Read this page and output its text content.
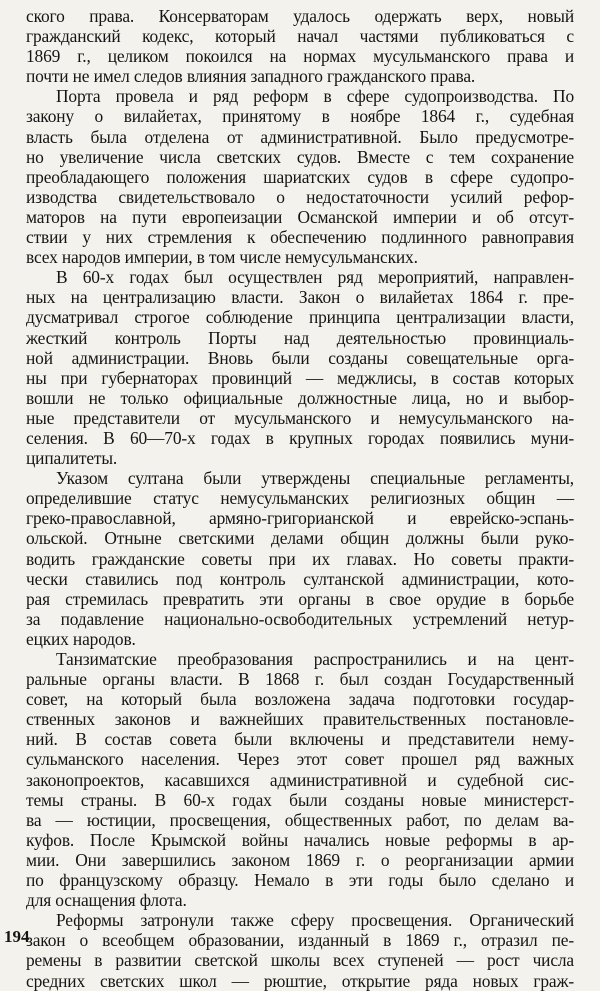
ского права. Консерваторам удалось одержать верх, новый
гражданский кодекс, который начал частями публиковаться с
1869 г., целиком покоился на нормах мусульманского права и
почти не имел следов влияния западного гражданского права.
Порта провела и ряд реформ в сфере судопроизводства. По
закону о вилайетах, принятому в ноябре 1864 г., судебная
власть была отделена от административной. Было предусмотре-
но увеличение числа светских судов. Вместе с тем сохранение
преобладающего положения шариатских судов в сфере судопро-
изводства свидетельствовало о недостаточности усилий рефор-
маторов на пути европеизации Османской империи и об отсут-
ствии у них стремления к обеспечению подлинного равноправия
всех народов империи, в том числе немусульманских.
В 60-х годах был осуществлен ряд мероприятий, направлен-
ных на централизацию власти. Закон о вилайетах 1864 г. пре-
дусматривал строгое соблюдение принципа централизации власти,
жесткий контроль Порты над деятельностью провинциаль-
ной администрации. Вновь были созданы совещательные орга-
ны при губернаторах провинций — меджлисы, в состав которых
вошли не только официальные должностные лица, но и выбор-
ные представители от мусульманского и немусульманского на-
селения. В 60—70-х годах в крупных городах появились муни-
ципалитеты.
Указом султана были утверждены специальные регламенты,
определившие статус немусульманских религиозных общин —
греко-православной, армяно-григорианской и еврейско-эспань-
ольской. Отныне светскими делами общин должны были руко-
водить гражданские советы при их главах. Но советы практи-
чески ставились под контроль султанской администрации, кото-
рая стремилась превратить эти органы в свое орудие в борьбе
за подавление национально-освободительных устремлений нетур-
ецких народов.
Танзиматские преобразования распространились и на цент-
ральные органы власти. В 1868 г. был создан Государственный
совет, на который была возложена задача подготовки государ-
ственных законов и важнейших правительственных постановле-
ний. В состав совета были включены и представители нему-
сульманского населения. Через этот совет прошел ряд важных
законопроектов, касавшихся административной и судебной сис-
темы страны. В 60-х годах были созданы новые министерст-
ва — юстиции, просвещения, общественных работ, по делам ва-
куфов. После Крымской войны начались новые реформы в ар-
мии. Они завершились законом 1869 г. о реорганизации армии
по французскому образцу. Немало в эти годы было сделано и
для оснащения флота.
Реформы затронули также сферу просвещения. Органический
закон о всеобщем образовании, изданный в 1869 г., отразил пе-
ремены в развитии светской школы всех ступеней — рост числа
средних светских школ — рюштие, открытие ряда новых граж-
194
